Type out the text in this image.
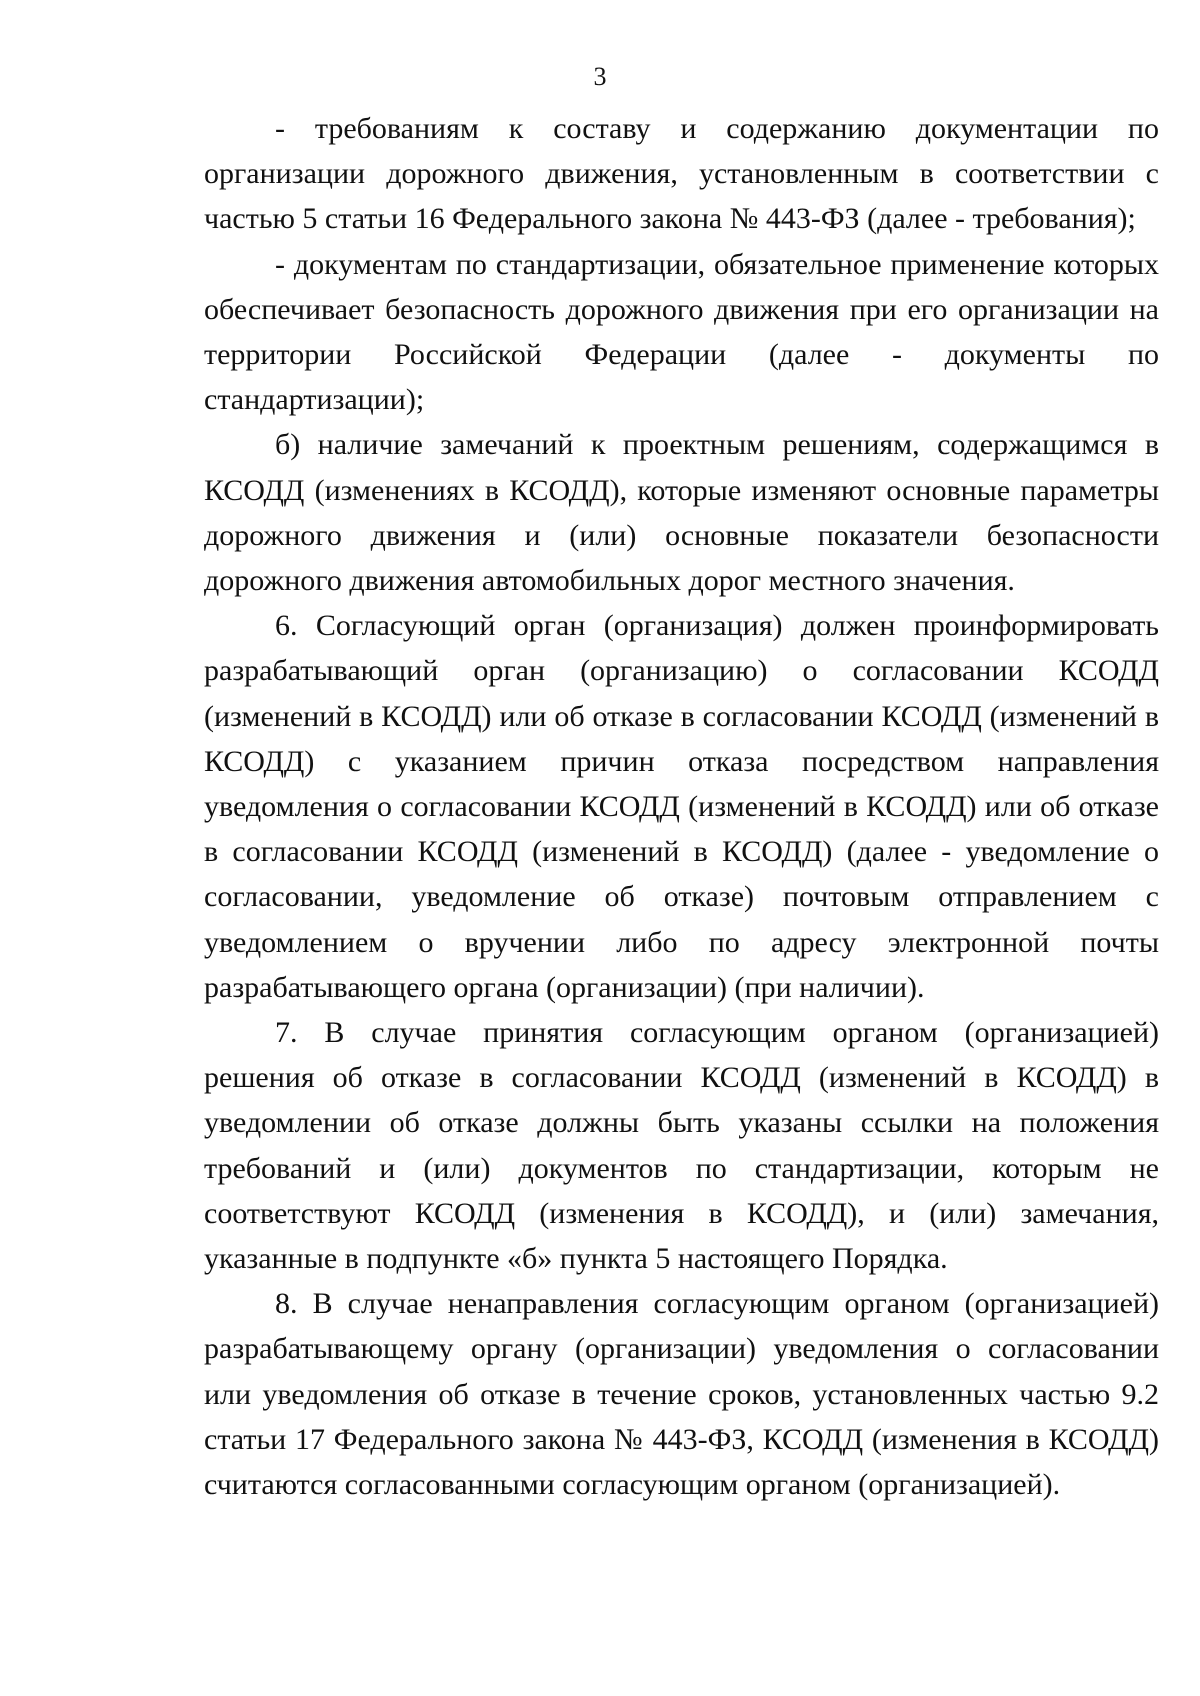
3

- требованиям к составу и содержанию документации по организации дорожного движения, установленным в соответствии с частью 5 статьи 16 Федерального закона № 443-ФЗ (далее - требования);

- документам по стандартизации, обязательное применение которых обеспечивает безопасность дорожного движения при его организации на территории Российской Федерации (далее - документы по стандартизации);

б) наличие замечаний к проектным решениям, содержащимся в КСОДД (изменениях в КСОДД), которые изменяют основные параметры дорожного движения и (или) основные показатели безопасности дорожного движения автомобильных дорог местного значения.

6. Согласующий орган (организация) должен проинформировать разрабатывающий орган (организацию) о согласовании КСОДД (изменений в КСОДД) или об отказе в согласовании КСОДД (изменений в КСОДД) с указанием причин отказа посредством направления уведомления о согласовании КСОДД (изменений в КСОДД) или об отказе в согласовании КСОДД (изменений в КСОДД) (далее - уведомление о согласовании, уведомление об отказе) почтовым отправлением с уведомлением о вручении либо по адресу электронной почты разрабатывающего органа (организации) (при наличии).

7. В случае принятия согласующим органом (организацией) решения об отказе в согласовании КСОДД (изменений в КСОДД) в уведомлении об отказе должны быть указаны ссылки на положения требований и (или) документов по стандартизации, которым не соответствуют КСОДД (изменения в КСОДД), и (или) замечания, указанные в подпункте «б» пункта 5 настоящего Порядка.

8. В случае ненаправления согласующим органом (организацией) разрабатывающему органу (организации) уведомления о согласовании или уведомления об отказе в течение сроков, установленных частью 9.2 статьи 17 Федерального закона № 443-ФЗ, КСОДД (изменения в КСОДД) считаются согласованными согласующим органом (организацией).
